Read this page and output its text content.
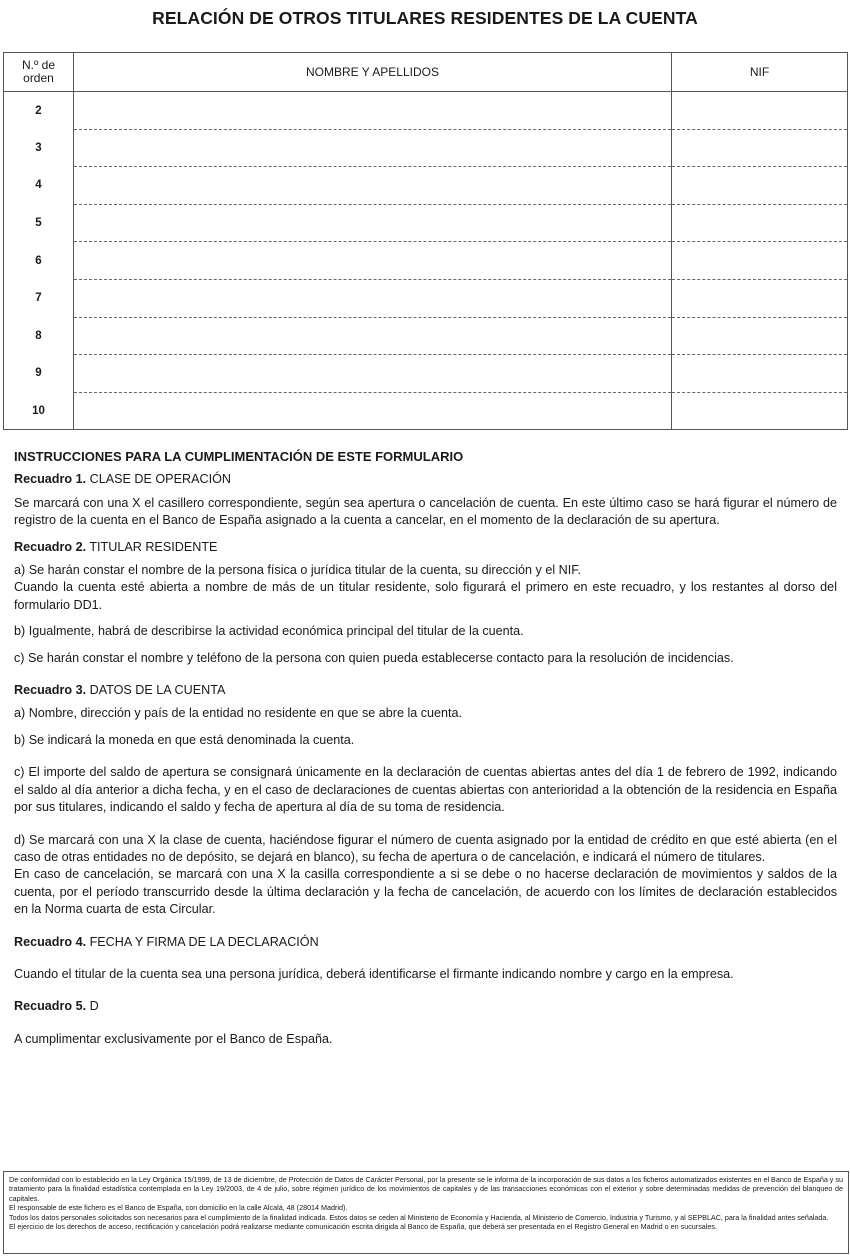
RELACIÓN DE OTROS TITULARES RESIDENTES DE LA CUENTA
N.º de
orden	NOMBRE Y APELLIDOS	NIF
2		
3		
4		
5		
6		
7		
8		
9		
10		

INSTRUCCIONES PARA LA CUMPLIMENTACIÓN DE ESTE FORMULARIO

Recuadro 1. CLASE DE OPERACIÓN

Se marcará con una X el casillero correspondiente, según sea apertura o cancelación de cuenta. En este último caso se hará figurar el número de registro de la cuenta en el Banco de España asignado a la cuenta a cancelar, en el momento de la declaración de su apertura.

Recuadro 2. TITULAR RESIDENTE

a) Se harán constar el nombre de la persona física o jurídica titular de la cuenta, su dirección y el NIF.

Cuando la cuenta esté abierta a nombre de más de un titular residente, solo figurará el primero en este recuadro, y los restantes al dorso del formulario DD1.

b) Igualmente, habrá de describirse la actividad económica principal del titular de la cuenta.

c) Se harán constar el nombre y teléfono de la persona con quien pueda establecerse contacto para la resolución de incidencias.

Recuadro 3. DATOS DE LA CUENTA

a) Nombre, dirección y país de la entidad no residente en que se abre la cuenta.

b) Se indicará la moneda en que está denominada la cuenta.

c) El importe del saldo de apertura se consignará únicamente en la declaración de cuentas abiertas antes del día 1 de febrero de 1992, indicando el saldo al día anterior a dicha fecha, y en el caso de declaraciones de cuentas abiertas con anterioridad a la obtención de la residencia en España por sus titulares, indicando el saldo y fecha de apertura al día de su toma de residencia.

d) Se marcará con una X la clase de cuenta, haciéndose figurar el número de cuenta asignado por la entidad de crédito en que esté abierta (en el caso de otras entidades no de depósito, se dejará en blanco), su fecha de apertura o de cancelación, e indicará el número de titulares.

En caso de cancelación, se marcará con una X la casilla correspondiente a si se debe o no hacerse declaración de movimientos y saldos de la cuenta, por el período transcurrido desde la última declaración y la fecha de cancelación, de acuerdo con los límites de declaración establecidos en la Norma cuarta de esta Circular.

Recuadro 4. FECHA Y FIRMA DE LA DECLARACIÓN

Cuando el titular de la cuenta sea una persona jurídica, deberá identificarse el firmante indicando nombre y cargo en la empresa.

Recuadro 5. D

A cumplimentar exclusivamente por el Banco de España.

De conformidad con lo establecido en la Ley Orgánica 15/1999, de 13 de diciembre, de Protección de Datos de Carácter Personal, por la presente se le informa de la incorporación de sus datos a los ficheros automatizados existentes en el Banco de España y su tratamiento para la finalidad estadística contemplada en la Ley 19/2003, de 4 de julio, sobre régimen jurídico de los movimientos de capitales y de las transacciones económicas con el exterior y sobre determinadas medidas de prevención del blanqueo de capitales.

El responsable de este fichero es el Banco de España, con domicilio en la calle Alcalá, 48 (28014 Madrid).

Todos los datos personales solicitados son necesarios para el cumplimiento de la finalidad indicada. Estos datos se ceden al Ministerio de Economía y Hacienda, al Ministerio de Comercio, Industria y Turismo, y al SEPBLAC, para la finalidad antes señalada.

El ejercicio de los derechos de acceso, rectificación y cancelación podrá realizarse mediante comunicación escrita dirigida al Banco de España, que deberá ser presentada en el Registro General en Madrid o en sucursales.
